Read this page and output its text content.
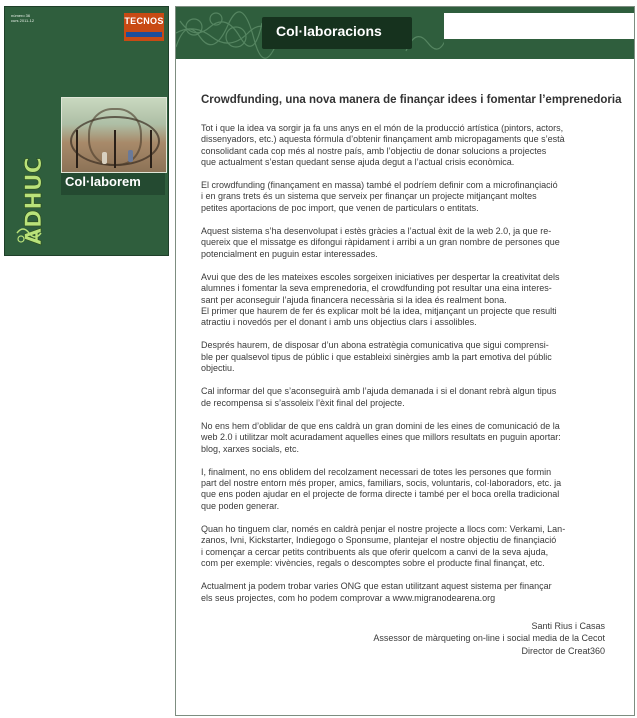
número 36
curs 2011-12	TECNOS
Col·laborem
ADHUC
Col·laboracions
Crowdfunding, una nova manera de finançar idees i fomentar l’emprenedoria

Tot i que la idea va sorgir ja fa uns anys en el món de la producció artística (pintors, actors,
dissenyadors, etc.) aquesta fórmula d’obtenir finançament amb micropagaments que s’està
consolidant cada cop més al nostre país, amb l’objectiu de donar solucions a projectes
que actualment s’estan quedant sense ajuda degut a l’actual crisis econòmica.

El crowdfunding (finançament en massa) també el podríem definir com a microfinançiació
i en grans trets és un sistema que serveix per finançar un projecte mitjançant moltes
petites aportacions de poc import, que venen de particulars o entitats.

Aquest sistema s’ha desenvolupat i estès gràcies a l’actual èxit de la web 2.0, ja que re-
quereix que el missatge es difongui ràpidament i arribi a un gran nombre de persones que
potencialment en puguin estar interessades.

Avui que des de les mateixes escoles sorgeixen iniciatives per despertar la creativitat dels
alumnes i fomentar la seva emprenedoria, el crowdfunding pot resultar una eina interes-
sant per aconseguir l’ajuda financera necessària si la idea és realment bona.
El primer que haurem de fer és explicar molt bé la idea, mitjançant un projecte que resulti
atractiu i novedós per el donant i amb uns objectius clars i assolibles.

Després haurem, de disposar d’un abona estratègia comunicativa que sigui comprensi-
ble per qualsevol tipus de públic i que estableixi sinèrgies amb la part emotiva del públic
objectiu.

Cal informar del que s’aconseguirà amb l’ajuda demanada i si el donant rebrà algun tipus
de recompensa si s’assoleix l’èxit final del projecte.

No ens hem d’oblidar de que ens caldrà un gran domini de les eines de comunicació de la
web 2.0 i utilitzar molt acuradament aquelles eines que millors resultats en puguin aportar:
blog, xarxes socials, etc.

I, finalment, no ens oblidem del recolzament necessari de totes les persones que formin
part del nostre entorn més proper, amics, familiars, socis, voluntaris, col·laboradors, etc. ja
que ens poden ajudar en el projecte de forma directe i també per el boca orella tradicional
que poden generar.

Quan ho tinguem clar, només en caldrà penjar el nostre projecte a llocs com: Verkami, Lan-
zanos, Ivni, Kickstarter, Indiegogo o Sponsume, plantejar el nostre objectiu de finançiació
i començar a cercar petits contribuents als que oferir quelcom a canvi de la seva ajuda,
com per exemple: vivències, regals o descomptes sobre el producte final finançat, etc.

Actualment ja podem trobar varies ONG que estan utilitzant aquest sistema per finançar
els seus projectes, com ho podem comprovar a www.migranodearena.org

Santi Rius i Casas
Assessor de màrqueting on-line i social media de la Cecot
Director de Creat360
